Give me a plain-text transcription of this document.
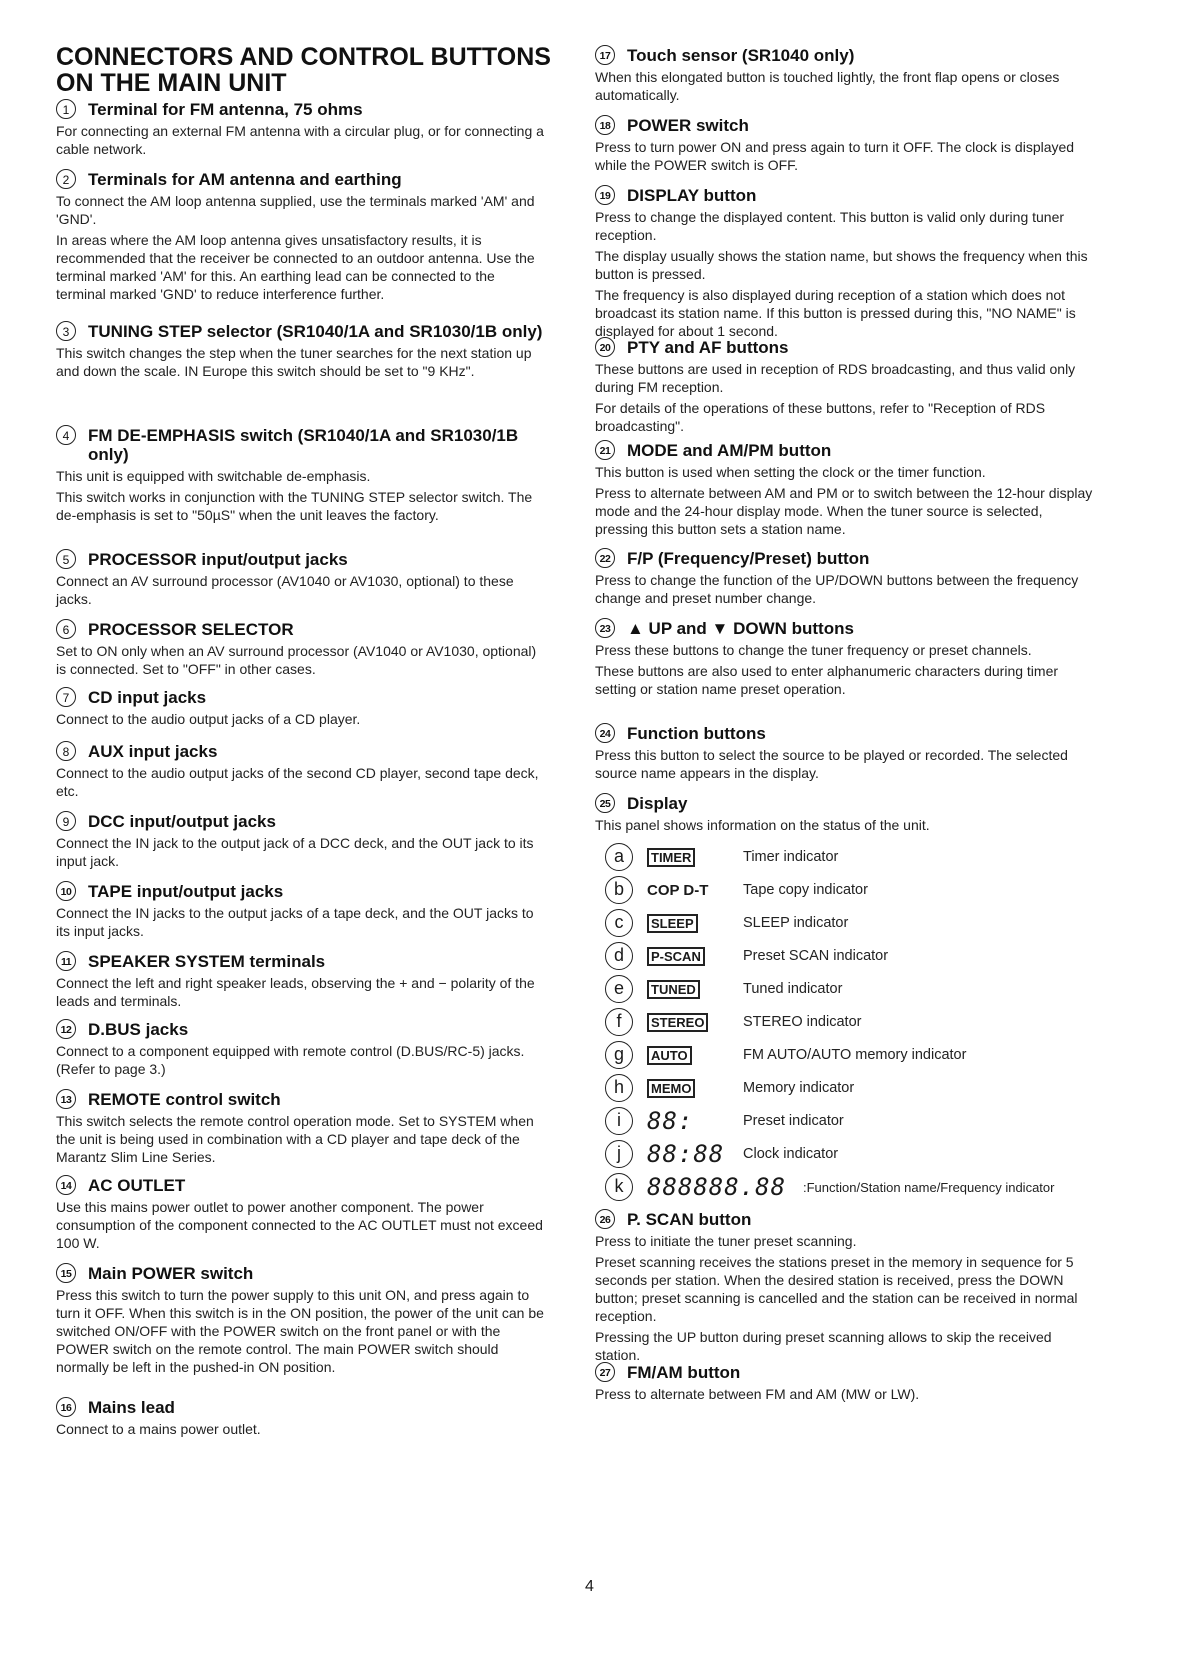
CONNECTORS AND CONTROL BUTTONS ON THE MAIN UNIT
1	Terminal for FM antenna, 75 ohms

For connecting an external FM antenna with a circular plug, or for connecting a cable network.

2	Terminals for AM antenna and earthing

To connect the AM loop antenna supplied, use the terminals marked 'AM' and 'GND'.

In areas where the AM loop antenna gives unsatisfactory results, it is recommended that the receiver be connected to an outdoor antenna. Use the terminal marked 'AM' for this. An earthing lead can be connected to the terminal marked 'GND' to reduce interference further.

3	TUNING STEP selector (SR1040/1A and SR1030/1B only)

This switch changes the step when the tuner searches for the next station up and down the scale. IN Europe this switch should be set to "9 KHz".

4	FM DE-EMPHASIS switch (SR1040/1A and SR1030/1B only)

This unit is equipped with switchable de-emphasis.

This switch works in conjunction with the TUNING STEP selector switch. The de-emphasis is set to "50µS" when the unit leaves the factory.

5	PROCESSOR input/output jacks

Connect an AV surround processor (AV1040 or AV1030, optional) to these jacks.

6	PROCESSOR SELECTOR

Set to ON only when an AV surround processor (AV1040 or AV1030, optional) is connected. Set to "OFF" in other cases.

7	CD input jacks

Connect to the audio output jacks of a CD player.

8	AUX input jacks

Connect to the audio output jacks of the second CD player, second tape deck, etc.

9	DCC input/output jacks

Connect the IN jack to the output jack of a DCC deck, and the OUT jack to its input jack.

10 TAPE input/output jacks

Connect the IN jacks to the output jacks of a tape deck, and the OUT jacks to its input jacks.

11 SPEAKER SYSTEM terminals

Connect the left and right speaker leads, observing the + and − polarity of the leads and terminals.

12 D.BUS jacks

Connect to a component equipped with remote control (D.BUS/RC-5) jacks. (Refer to page 3.)

13 REMOTE control switch

This switch selects the remote control operation mode. Set to SYSTEM when the unit is being used in combination with a CD player and tape deck of the Marantz Slim Line Series.

14 AC OUTLET

Use this mains power outlet to power another component. The power consumption of the component connected to the AC OUTLET must not exceed 100 W.

15 Main POWER switch

Press this switch to turn the power supply to this unit ON, and press again to turn it OFF. When this switch is in the ON position, the power of the unit can be switched ON/OFF with the POWER switch on the front panel or with the POWER switch on the remote control. The main POWER switch should normally be left in the pushed-in ON position.

16 Mains lead

Connect to a mains power outlet.

17 Touch sensor (SR1040 only)

When this elongated button is touched lightly, the front flap opens or closes automatically.

18 POWER switch

Press to turn power ON and press again to turn it OFF. The clock is displayed while the POWER switch is OFF.

19 DISPLAY button

Press to change the displayed content. This button is valid only during tuner reception.

The display usually shows the station name, but shows the frequency when this button is pressed.

The frequency is also displayed during reception of a station which does not broadcast its station name. If this button is pressed during this, "NO NAME" is displayed for about 1 second.

20 PTY and AF buttons

These buttons are used in reception of RDS broadcasting, and thus valid only during FM reception.

For details of the operations of these buttons, refer to "Reception of RDS broadcasting".

21 MODE and AM/PM button

This button is used when setting the clock or the timer function.

Press to alternate between AM and PM or to switch between the 12-hour display mode and the 24-hour display mode. When the tuner source is selected, pressing this button sets a station name.

22 F/P (Frequency/Preset) button

Press to change the function of the UP/DOWN buttons between the frequency change and preset number change.

23 ▲ UP and ▼ DOWN buttons

Press these buttons to change the tuner frequency or preset channels.

These buttons are also used to enter alphanumeric characters during timer setting or station name preset operation.

24 Function buttons

Press this button to select the source to be played or recorded. The selected source name appears in the display.

25 Display

This panel shows information on the status of the unit.

26 P. SCAN button

Press to initiate the tuner preset scanning.

Preset scanning receives the stations preset in the memory in sequence for 5 seconds per station. When the desired station is received, press the DOWN button; preset scanning is cancelled and the station can be received in normal reception.

Pressing the UP button during preset scanning allows to skip the received station.

27 FM/AM button

Press to alternate between FM and AM (MW or LW).

a	TIMER	Timer indicator
b	COP D-T	Tape copy indicator
c	SLEEP	SLEEP indicator
d	P-SCAN	Preset SCAN indicator
e	TUNED	Tuned indicator
f	STEREO	STEREO indicator
g	AUTO	FM AUTO/AUTO memory indicator
h	MEMO	Memory indicator
i	88:	Preset indicator
j	88:88 Clock indicator
k 888888.88	:Function/Station name/Frequency indicator
4
